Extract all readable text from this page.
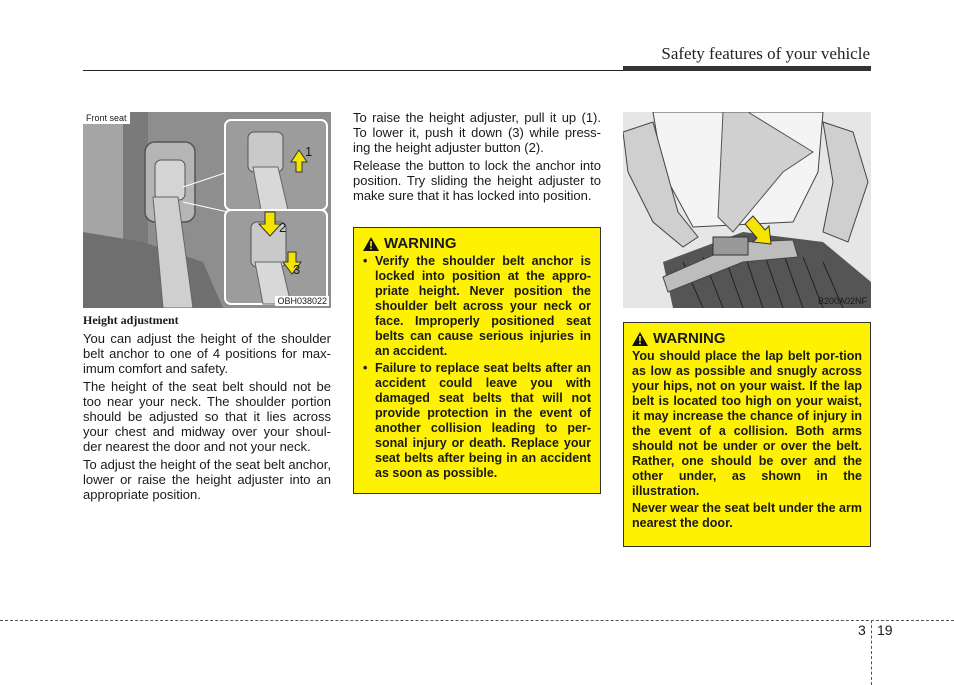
Safety features of your vehicle
Front seat
1
2
3
OBH038022	B200A02NF
Height adjustment

You can adjust the height of the shoulder belt anchor to one of 4 positions for max-imum comfort and safety.

The height of the seat belt should not be too near your neck. The shoulder portion should be adjusted so that it lies across your chest and midway over your shoul-der nearest the door and not your neck.

To adjust the height of the seat belt anchor, lower or raise the height adjuster into an appropriate position.

To raise the height adjuster, pull it up (1). To lower it, push it down (3) while press-ing the height adjuster button (2).

Release the button to lock the anchor into position. Try sliding the height adjuster to make sure that it has locked into position.

WARNING
• Verify the shoulder belt anchor is locked into position at the appro-priate height. Never position the shoulder belt across your neck or face. Improperly positioned seat belts can cause serious injuries in an accident.
• Failure to replace seat belts after an accident could leave you with damaged seat belts that will not provide protection in the event of another collision leading to per-sonal injury or death. Replace your seat belts after being in an accident as soon as possible.
WARNING

You should place the lap belt por-tion as low as possible and snugly across your hips, not on your waist. If the lap belt is located too high on your waist, it may increase the chance of injury in the event of a collision. Both arms should not be under or over the belt. Rather, one should be over and the other under, as shown in the illustration.

Never wear the seat belt under the arm nearest the door.

3 19
